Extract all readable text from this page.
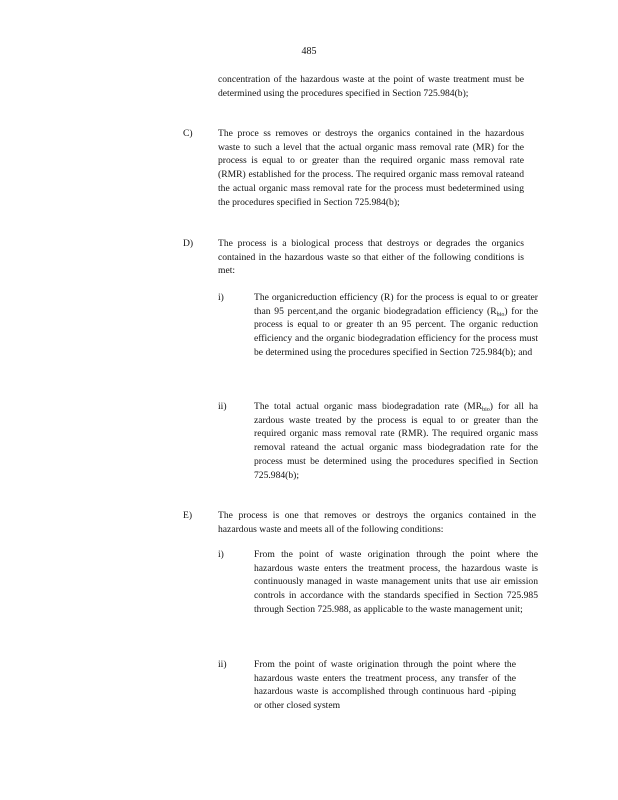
485
concentration of the hazardous waste at the point of waste treatment must be determined using the procedures specified in Section 725.984(b);
C)	The proce ss removes or destroys the organics contained in the hazardous waste to such a level that the actual organic mass removal rate (MR) for the process is equal to or greater than the required organic mass removal rate (RMR) established for the process. The required organic mass removal rateand the actual organic mass removal rate for the process must bedetermined using the procedures specified in Section 725.984(b);
D)	The process is a biological process that destroys or degrades the organics contained in the hazardous waste so that either of the following conditions is met:
i)	The organicreduction efficiency (R) for the process is equal to or greater than 95 percent,and the organic biodegradation efficiency $(R_{bio})$ for the process is equal to or greater th an 95 percent. The organic reduction efficiency and the organic biodegradation efficiency for the process must be determined using the procedures specified in Section 725.984(b); and
ii)	The total actual organic mass biodegradation rate $(MR_{bio})$ for all ha zardous waste treated by the process is equal to or greater than the required organic mass removal rate (RMR). The required organic mass removal rateand the actual organic mass biodegradation rate for the process must be determined using the procedures specified in Section 725.984(b);
E)	The process is one that removes or destroys the organics contained in the hazardous waste and meets all of the following conditions:
i)	From the point of waste origination through the point where the hazardous waste enters the treatment process, the hazardous waste is continuously managed in waste management units that use air emission controls in accordance with the standards specified in Section 725.985 through Section 725.988, as applicable to the waste management unit;
ii)	From the point of waste origination through the point where the hazardous waste enters the treatment process, any transfer of the hazardous waste is accomplished through continuous hard -piping or other closed system
